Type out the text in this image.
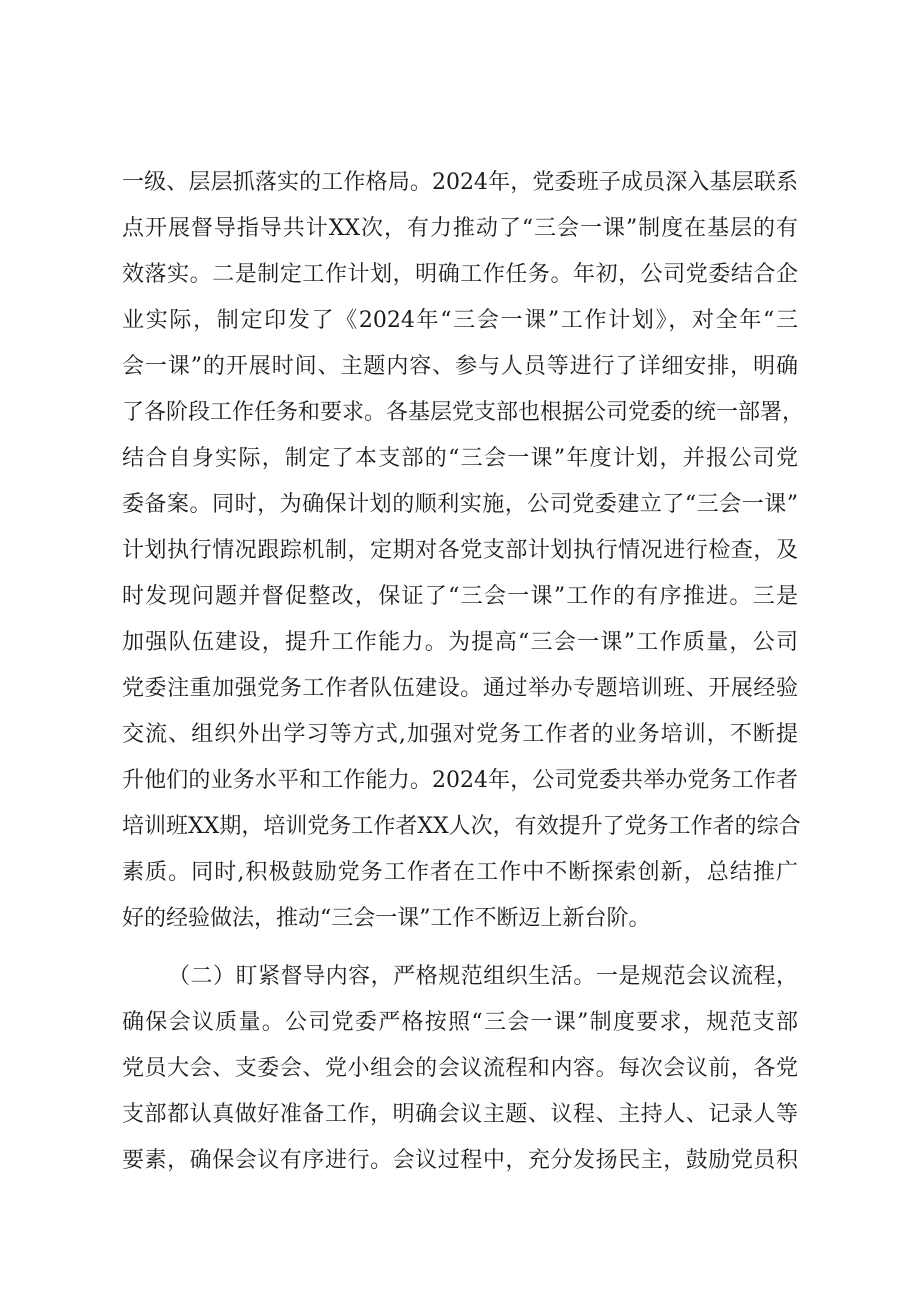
一级、层层抓落实的工作格局。2024年，党委班子成员深入基层联系
点开展督导指导共计XX次，有力推动了“三会一课”制度在基层的有
效落实。二是制定工作计划，明确工作任务。年初，公司党委结合企
业实际，制定印发了《2024年“三会一课”工作计划》，对全年“三
会一课”的开展时间、主题内容、参与人员等进行了详细安排，明确
了各阶段工作任务和要求。各基层党支部也根据公司党委的统一部署，
结合自身实际，制定了本支部的“三会一课”年度计划，并报公司党
委备案。同时，为确保计划的顺利实施，公司党委建立了“三会一课”
计划执行情况跟踪机制，定期对各党支部计划执行情况进行检查，及
时发现问题并督促整改，保证了“三会一课”工作的有序推进。三是
加强队伍建设，提升工作能力。为提高“三会一课”工作质量，公司
党委注重加强党务工作者队伍建设。通过举办专题培训班、开展经验
交流、组织外出学习等方式,加强对党务工作者的业务培训，不断提
升他们的业务水平和工作能力。2024年，公司党委共举办党务工作者
培训班XX期，培训党务工作者XX人次，有效提升了党务工作者的综合
素质。同时,积极鼓励党务工作者在工作中不断探索创新，总结推广
好的经验做法，推动“三会一课”工作不断迈上新台阶。
（二）盯紧督导内容，严格规范组织生活。一是规范会议流程，
确保会议质量。公司党委严格按照“三会一课”制度要求，规范支部
党员大会、支委会、党小组会的会议流程和内容。每次会议前，各党
支部都认真做好准备工作，明确会议主题、议程、主持人、记录人等
要素，确保会议有序进行。会议过程中，充分发扬民主，鼓励党员积
